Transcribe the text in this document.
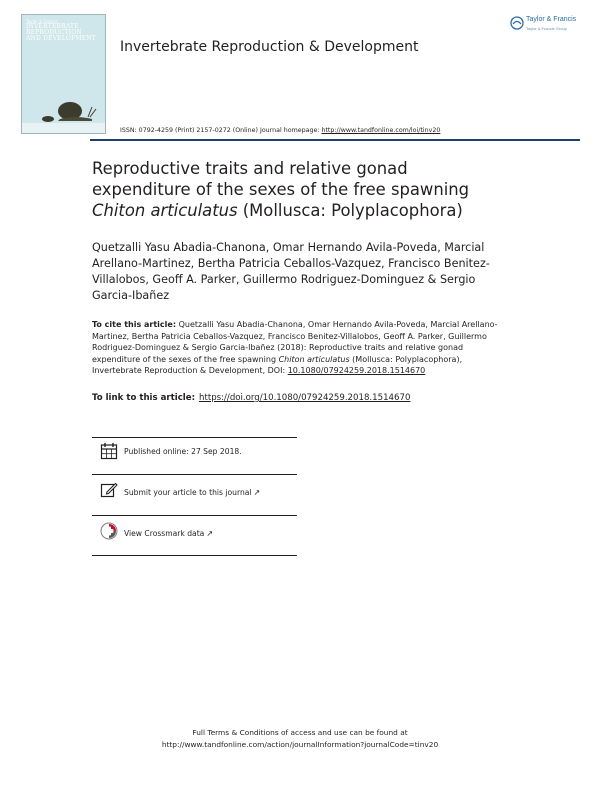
Taylor & Francis
INVERTEBRATE
REPRODUCTION
AND DEVELOPMENT
Taylor & Francis
Taylor & Francis Group
Invertebrate Reproduction & Development
ISSN: 0792-4259 (Print) 2157-0272 (Online) Journal homepage: http://www.tandfonline.com/loi/tinv20
Reproductive traits and relative gonad
expenditure of the sexes of the free spawning
Chiton articulatus (Mollusca: Polyplacophora)
Quetzalli Yasu Abadia-Chanona, Omar Hernando Avila-Poveda, Marcial Arellano-Martinez, Bertha Patricia Ceballos-Vazquez, Francisco Benitez-Villalobos, Geoff A. Parker, Guillermo Rodriguez-Dominguez & Sergio Garcia-Ibañez
To cite this article: Quetzalli Yasu Abadia-Chanona, Omar Hernando Avila-Poveda, Marcial Arellano-Martinez, Bertha Patricia Ceballos-Vazquez, Francisco Benitez-Villalobos, Geoff A. Parker, Guillermo Rodriguez-Dominguez & Sergio Garcia-Ibañez (2018): Reproductive traits and relative gonad expenditure of the sexes of the free spawning Chiton articulatus (Mollusca: Polyplacophora), Invertebrate Reproduction & Development, DOI: 10.1080/07924259.2018.1514670
To link to this article: https://doi.org/10.1080/07924259.2018.1514670
Published online: 27 Sep 2018.
Submit your article to this journal ↗
View Crossmark data ↗
Full Terms & Conditions of access and use can be found at
http://www.tandfonline.com/action/journalInformation?journalCode=tinv20
